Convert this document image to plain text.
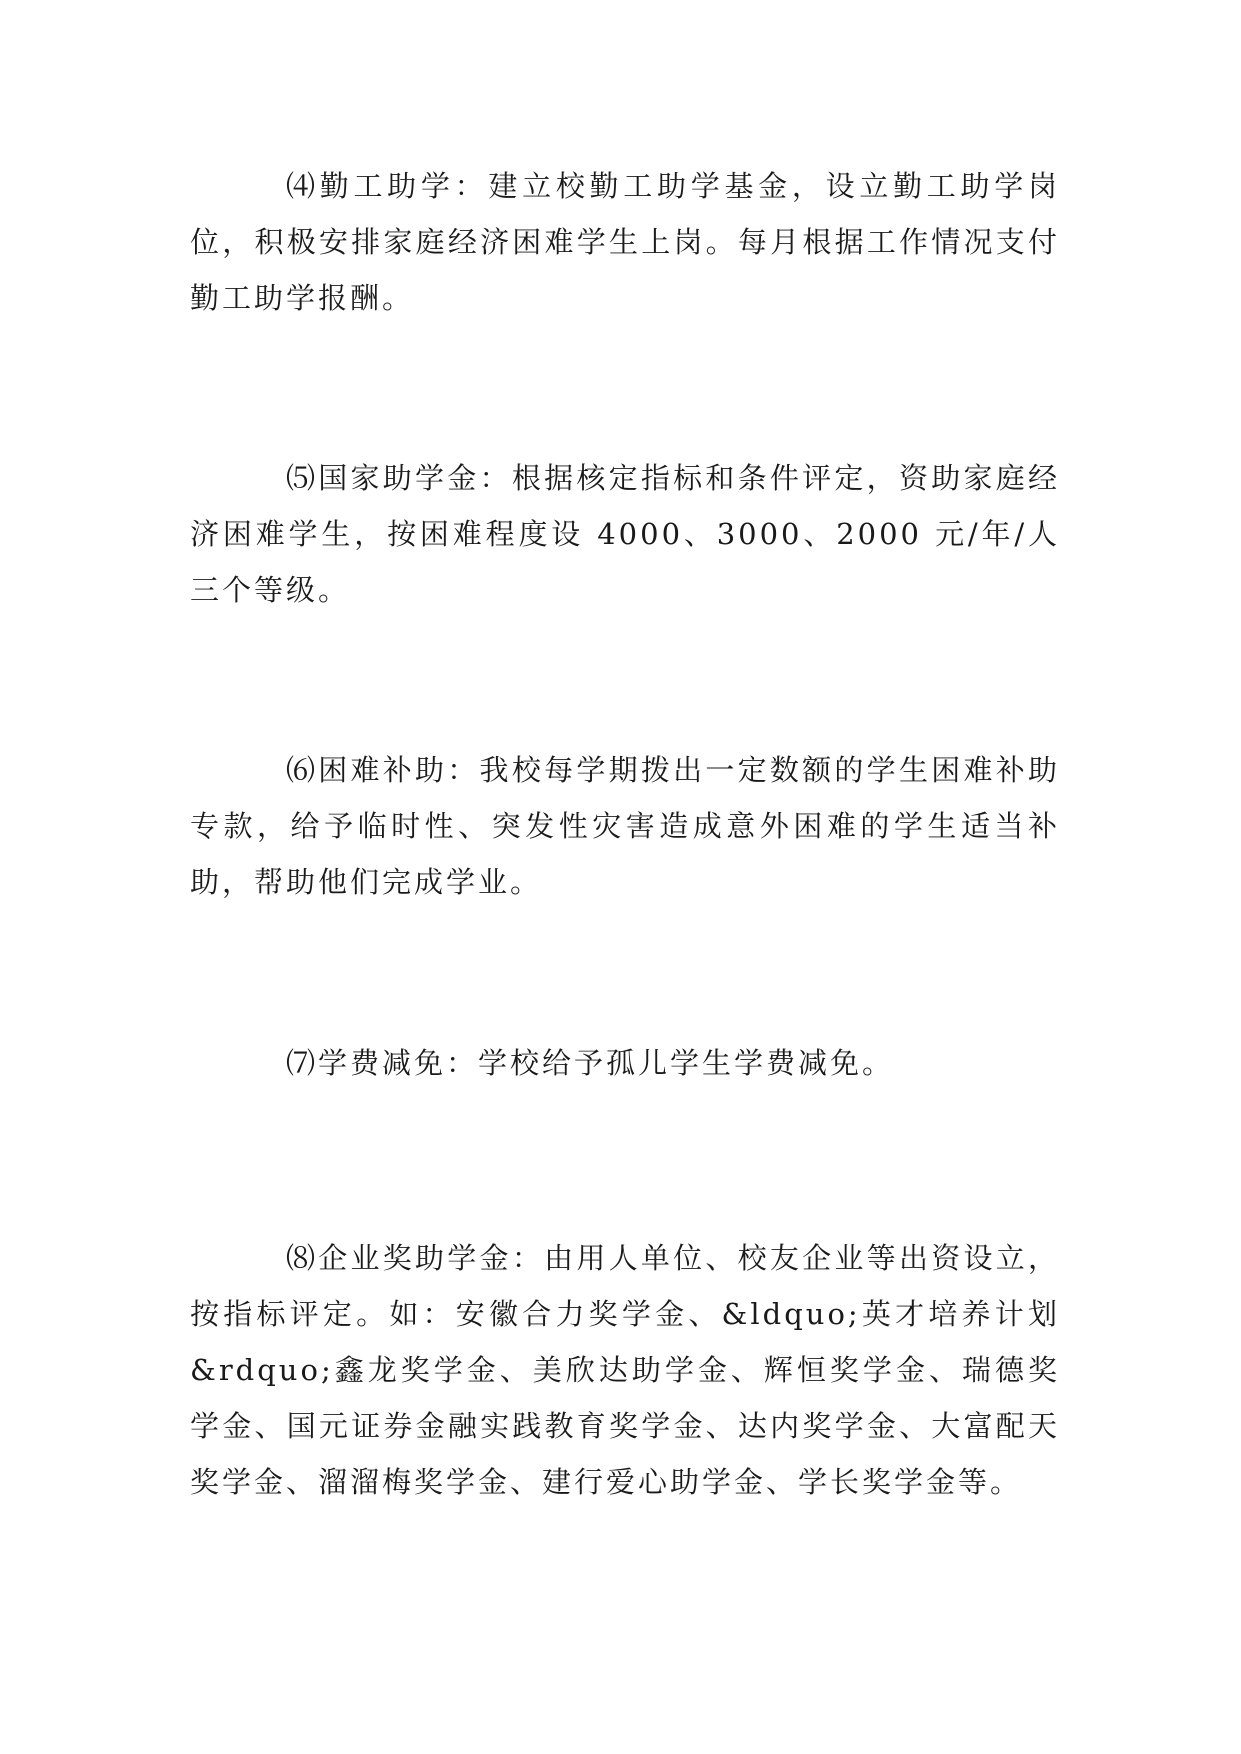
⑷勤工助学：建立校勤工助学基金，设立勤工助学岗位，积极安排家庭经济困难学生上岗。每月根据工作情况支付勤工助学报酬。

⑸国家助学金：根据核定指标和条件评定，资助家庭经济困难学生，按困难程度设 4000、3000、2000 元/年/人三个等级。

⑹困难补助：我校每学期拨出一定数额的学生困难补助专款，给予临时性、突发性灾害造成意外困难的学生适当补助，帮助他们完成学业。

⑺学费减免：学校给予孤儿学生学费减免。

⑻企业奖助学金：由用人单位、校友企业等出资设立，按指标评定。如：安徽合力奖学金、&ldquo;英才培养计划&rdquo;鑫龙奖学金、美欣达助学金、辉恒奖学金、瑞德奖学金、国元证券金融实践教育奖学金、达内奖学金、大富配天奖学金、溜溜梅奖学金、建行爱心助学金、学长奖学金等。
